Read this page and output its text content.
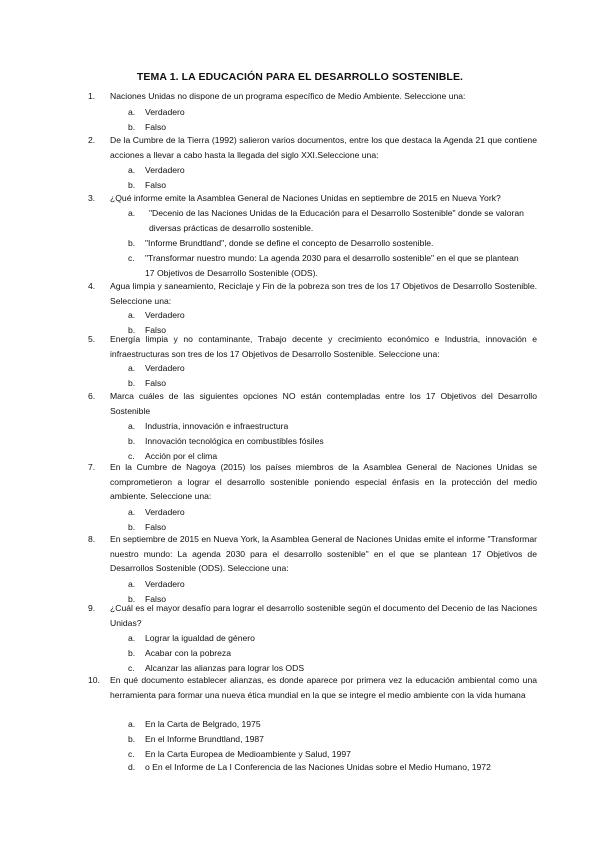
TEMA 1. LA EDUCACIÓN PARA EL DESARROLLO SOSTENIBLE.
1.	Naciones Unidas no dispone de un programa específico de Medio Ambiente. Seleccione una:
a. Verdadero
b. Falso
2.	De la Cumbre de la Tierra (1992) salieron varios documentos, entre los que destaca la Agenda 21 que contiene acciones a llevar a cabo hasta la llegada del siglo XXI.Seleccione una:
a. Verdadero
b. Falso
3.	¿Qué informe emite la Asamblea General de Naciones Unidas en septiembre de 2015 en Nueva York?
a.	"Decenio de las Naciones Unidas de la Educación para el Desarrollo Sostenible" donde se valoran diversas prácticas de desarrollo sostenible.
b. "Informe Brundtland", donde se define el concepto de Desarrollo sostenible.
c. "Transformar nuestro mundo: La agenda 2030 para el desarrollo sostenible" en el que se plantean 17 Objetivos de Desarrollo Sostenible (ODS).
4.	Agua limpia y saneamiento, Reciclaje y Fin de la pobreza son tres de los 17 Objetivos de Desarrollo Sostenible. Seleccione una:
a. Verdadero
b. Falso
5.	Energía limpia y no contaminante, Trabajo decente y crecimiento económico e Industria, innovación e infraestructuras son tres de los 17 Objetivos de Desarrollo Sostenible. Seleccione una:
a. Verdadero
b. Falso
6.	Marca cuáles de las siguientes opciones NO están contempladas entre los 17 Objetivos del Desarrollo Sostenible
a. Industria, innovación e infraestructura
b. Innovación tecnológica en combustibles fósiles
c. Acción por el clima
7.	En la Cumbre de Nagoya (2015) los países miembros de la Asamblea General de Naciones Unidas se comprometieron a lograr el desarrollo sostenible poniendo especial énfasis en la protección del medio ambiente. Seleccione una:
a. Verdadero
b. Falso
8.	En septiembre de 2015 en Nueva York, la Asamblea General de Naciones Unidas emite el informe "Transformar nuestro mundo: La agenda 2030 para el desarrollo sostenible" en el que se plantean 17 Objetivos de Desarrollos Sostenible (ODS). Seleccione una:
a. Verdadero
b. Falso
9.	¿Cuál es el mayor desafío para lograr el desarrollo sostenible según el documento del Decenio de las Naciones Unidas?
a. Lograr la igualdad de género
b. Acabar con la pobreza
c. Alcanzar las alianzas para lograr los ODS
10.	En qué documento establecer alianzas, es donde aparece por primera vez la educación ambiental como una herramienta para formar una nueva ética mundial en la que se integre el medio ambiente con la vida humana
a. En la Carta de Belgrado, 1975
b. En el Informe Brundtland, 1987
c. En la Carta Europea de Medioambiente y Salud, 1997
d. o En el Informe de La I Conferencia de las Naciones Unidas sobre el Medio Humano, 1972
